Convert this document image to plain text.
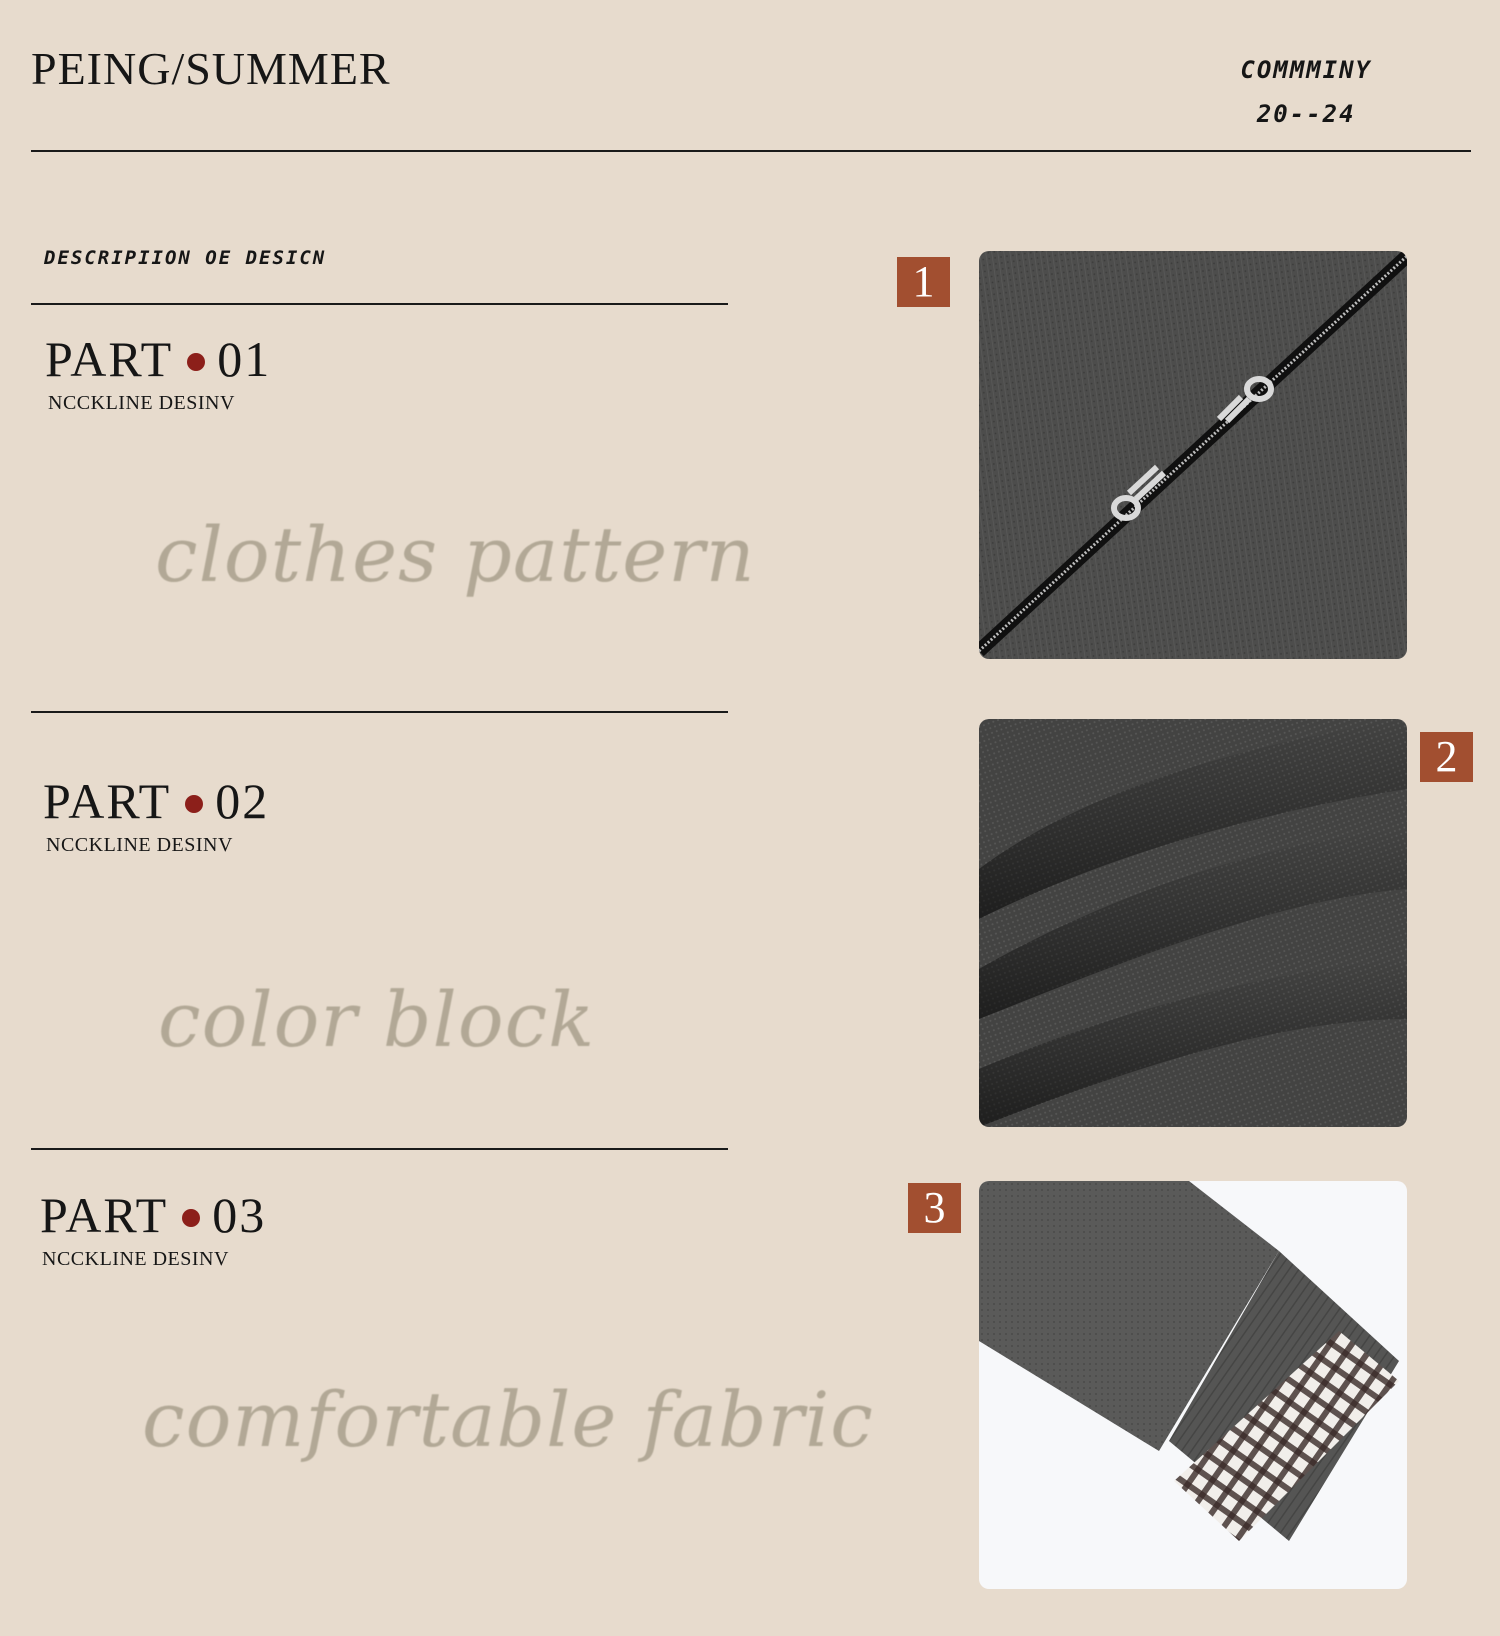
PEING/SUMMER	COMMMINY
20--24
DESCRIPIION OE DESICN
PART 01
NCCKLINE DESINV
clothes pattern
PART 02
NCCKLINE DESINV
color block
PART 03
NCCKLINE DESINV
comfortable fabric
1
2
3
